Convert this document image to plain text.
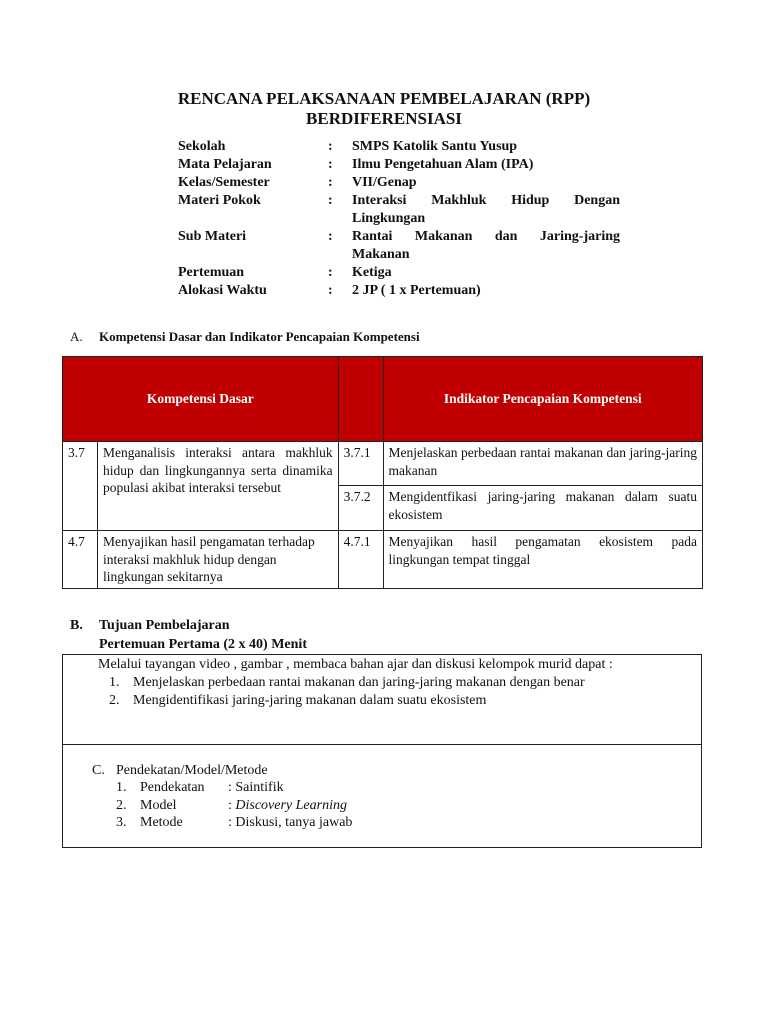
RENCANA PELAKSANAAN PEMBELAJARAN (RPP)
BERDIFERENSIASI
Sekolah	:	SMPS Katolik Santu Yusup
Mata Pelajaran	:	Ilmu Pengetahuan Alam (IPA)
Kelas/Semester	:	VII/Genap
Materi Pokok	:	Interaksi Makhluk Hidup Dengan Lingkungan
Sub Materi	:	Rantai Makanan dan Jaring-jaring Makanan
Pertemuan	:	Ketiga
Alokasi Waktu	:	2 JP ( 1 x Pertemuan)
A.	Kompetensi Dasar dan Indikator Pencapaian Kompetensi
Kompetensi Dasar			Indikator Pencapaian Kompetensi
3.7	Menganalisis interaksi antara makhluk hidup dan lingkungannya serta dinamika populasi akibat interaksi tersebut	3.7.1	Menjelaskan perbedaan rantai makanan dan jaring-jaring makanan
		3.7.2	Mengidentfikasi jaring-jaring makanan dalam suatu ekosistem
4.7	Menyajikan hasil pengamatan terhadap interaksi makhluk hidup dengan lingkungan sekitarnya	4.7.1	Menyajikan hasil pengamatan ekosistem pada lingkungan tempat tinggal
B.	Tujuan Pembelajaran
Pertemuan Pertama (2 x 40) Menit
Melalui tayangan video , gambar , membaca bahan ajar dan diskusi kelompok murid dapat :
1. Menjelaskan perbedaan rantai makanan dan jaring-jaring makanan dengan benar
2. Mengidentifikasi jaring-jaring makanan dalam suatu ekosistem
C. Pendekatan/Model/Metode
1. Pendekatan	: Saintifik
2. Model	: Discovery Learning
3. Metode	: Diskusi, tanya jawab
